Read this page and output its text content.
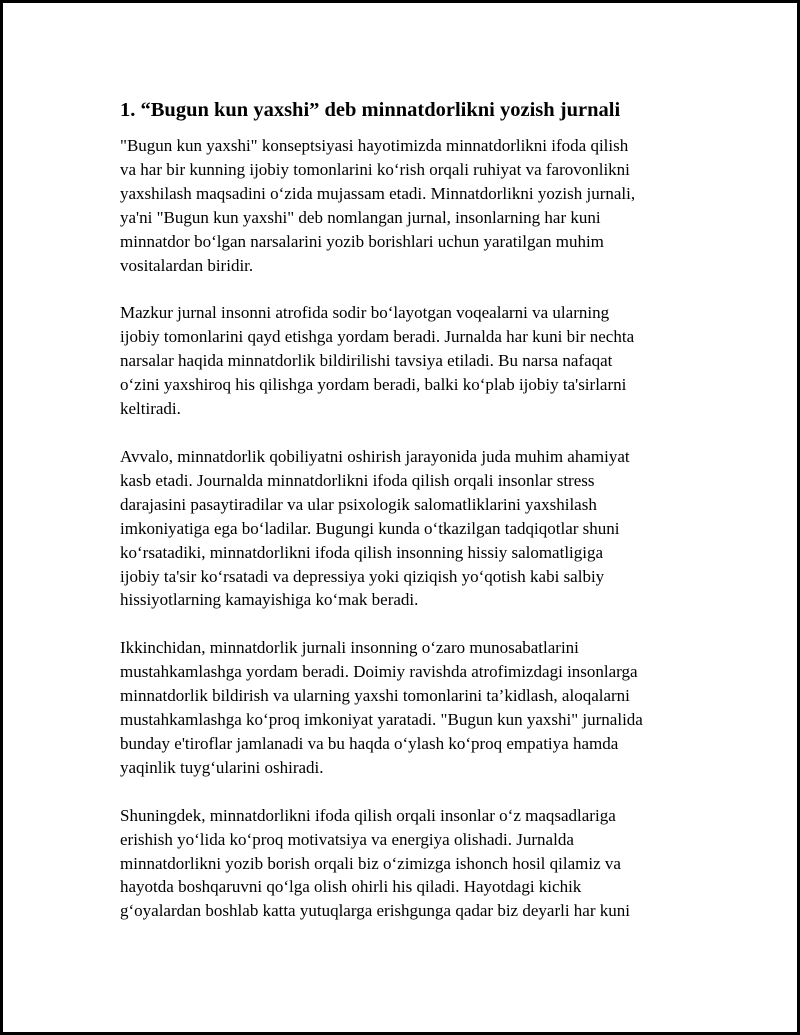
1. “Bugun kun yaxshi” deb minnatdorlikni yozish jurnali

"Bugun kun yaxshi" konseptsiyasi hayotimizda minnatdorlikni ifoda qilish
va har bir kunning ijobiy tomonlarini ko‘rish orqali ruhiyat va farovonlikni
yaxshilash maqsadini o‘zida mujassam etadi. Minnatdorlikni yozish jurnali,
ya'ni "Bugun kun yaxshi" deb nomlangan jurnal, insonlarning har kuni
minnatdor bo‘lgan narsalarini yozib borishlari uchun yaratilgan muhim
vositalardan biridir.

Mazkur jurnal insonni atrofida sodir bo‘layotgan voqealarni va ularning
ijobiy tomonlarini qayd etishga yordam beradi. Jurnalda har kuni bir nechta
narsalar haqida minnatdorlik bildirilishi tavsiya etiladi. Bu narsa nafaqat
o‘zini yaxshiroq his qilishga yordam beradi, balki ko‘plab ijobiy ta'sirlarni
keltiradi.

Avvalo, minnatdorlik qobiliyatni oshirish jarayonida juda muhim ahamiyat
kasb etadi. Journalda minnatdorlikni ifoda qilish orqali insonlar stress
darajasini pasaytiradilar va ular psixologik salomatliklarini yaxshilash
imkoniyatiga ega bo‘ladilar. Bugungi kunda o‘tkazilgan tadqiqotlar shuni
ko‘rsatadiki, minnatdorlikni ifoda qilish insonning hissiy salomatligiga
ijobiy ta'sir ko‘rsatadi va depressiya yoki qiziqish yo‘qotish kabi salbiy
hissiyotlarning kamayishiga ko‘mak beradi.

Ikkinchidan, minnatdorlik jurnali insonning o‘zaro munosabatlarini
mustahkamlashga yordam beradi. Doimiy ravishda atrofimizdagi insonlarga
minnatdorlik bildirish va ularning yaxshi tomonlarini ta’kidlash, aloqalarni
mustahkamlashga ko‘proq imkoniyat yaratadi. "Bugun kun yaxshi" jurnalida
bunday e'tiroflar jamlanadi va bu haqda o‘ylash ko‘proq empatiya hamda
yaqinlik tuyg‘ularini oshiradi.

Shuningdek, minnatdorlikni ifoda qilish orqali insonlar o‘z maqsadlariga
erishish yo‘lida ko‘proq motivatsiya va energiya olishadi. Jurnalda
minnatdorlikni yozib borish orqali biz o‘zimizga ishonch hosil qilamiz va
hayotda boshqaruvni qo‘lga olish ohirli his qiladi. Hayotdagi kichik
g‘oyalardan boshlab katta yutuqlarga erishgunga qadar biz deyarli har kuni
